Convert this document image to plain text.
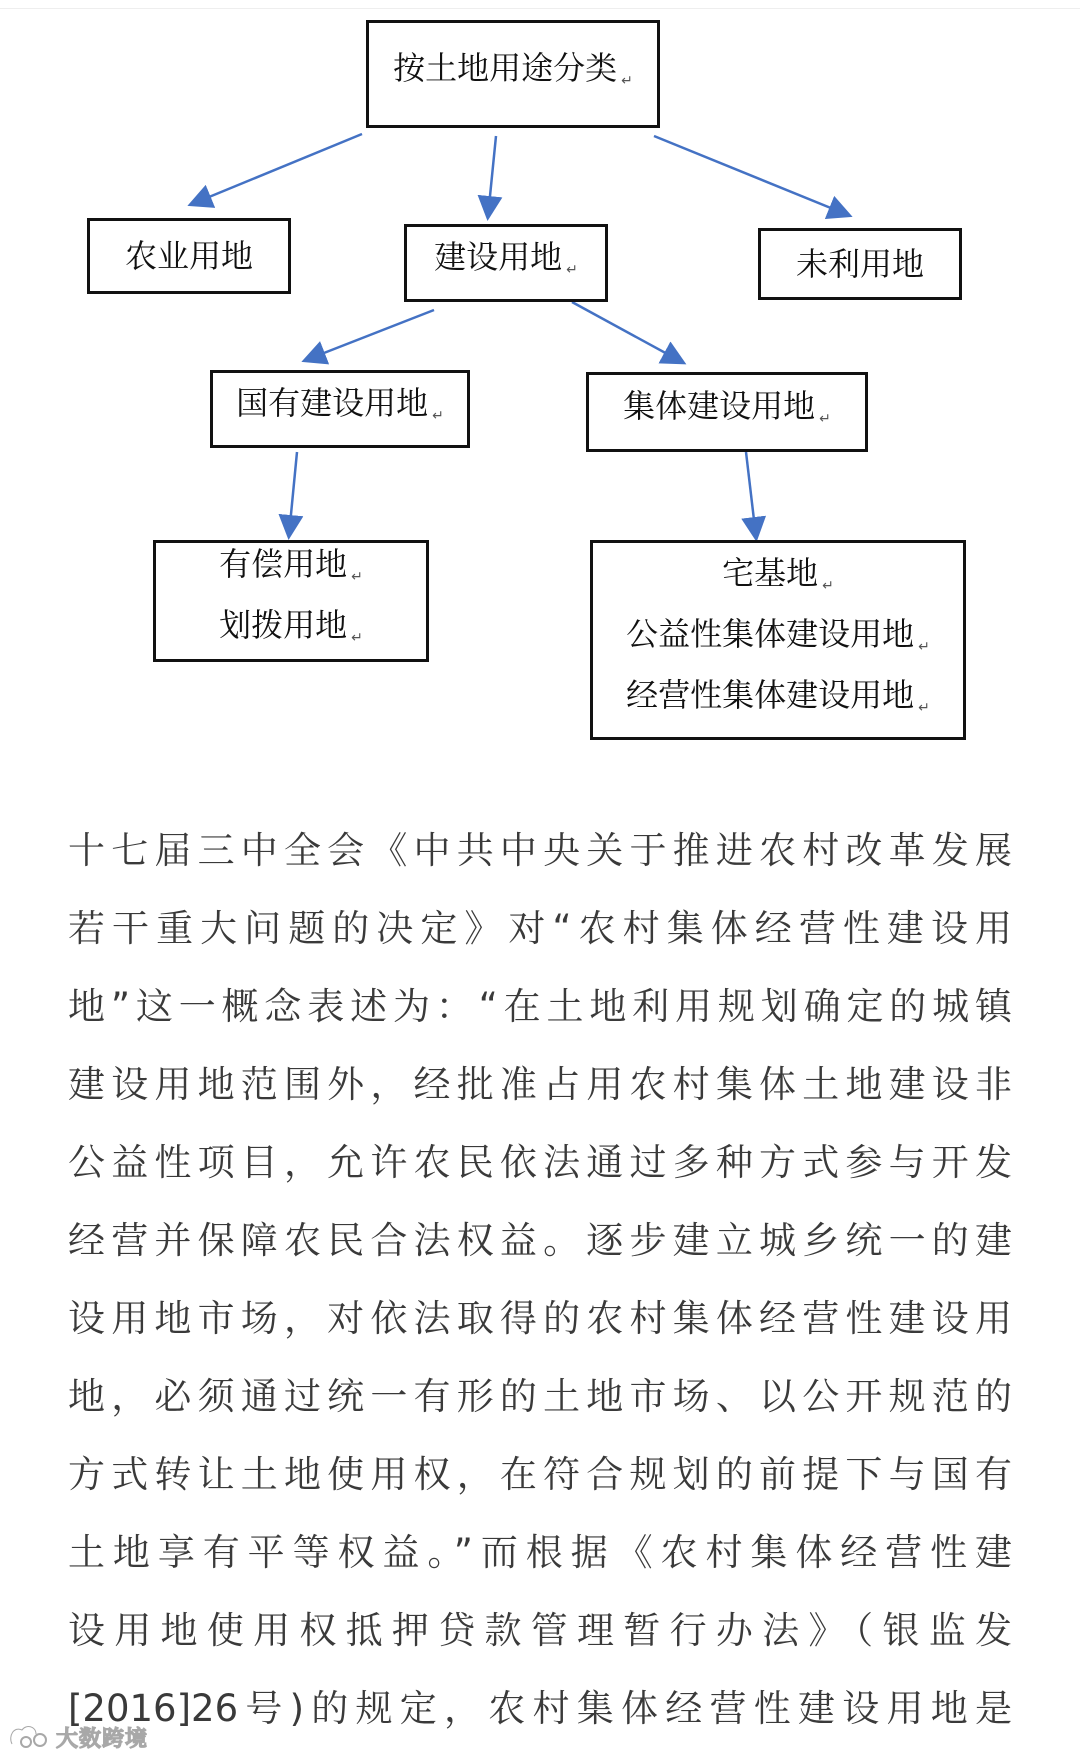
按土地用途分类 ↵
农业用地	建设用地 ↵	未利用地
国有建设用地 ↵	集体建设用地 ↵
有偿用地 ↵
划拨用地 ↵
宅基地 ↵
公益性集体建设用地 ↵
经营性集体建设用地 ↵
十七届三中全会《中共中央关于推进农村改革发展
若干重大问题的决定》对“农村集体经营性建设用
地”这一概念表述为：“在土地利用规划确定的城镇
建设用地范围外，经批准占用农村集体土地建设非
公益性项目，允许农民依法通过多种方式参与开发
经营并保障农民合法权益。逐步建立城乡统一的建
设用地市场，对依法取得的农村集体经营性建设用
地，必须通过统一有形的土地市场、以公开规范的
方式转让土地使用权，在符合规划的前提下与国有
土地享有平等权益。”而根据《农村集体经营性建
设用地使用权抵押贷款管理暂行办法》（银监发
[2016]26号)的规定，农村集体经营性建设用地是
大数跨境
